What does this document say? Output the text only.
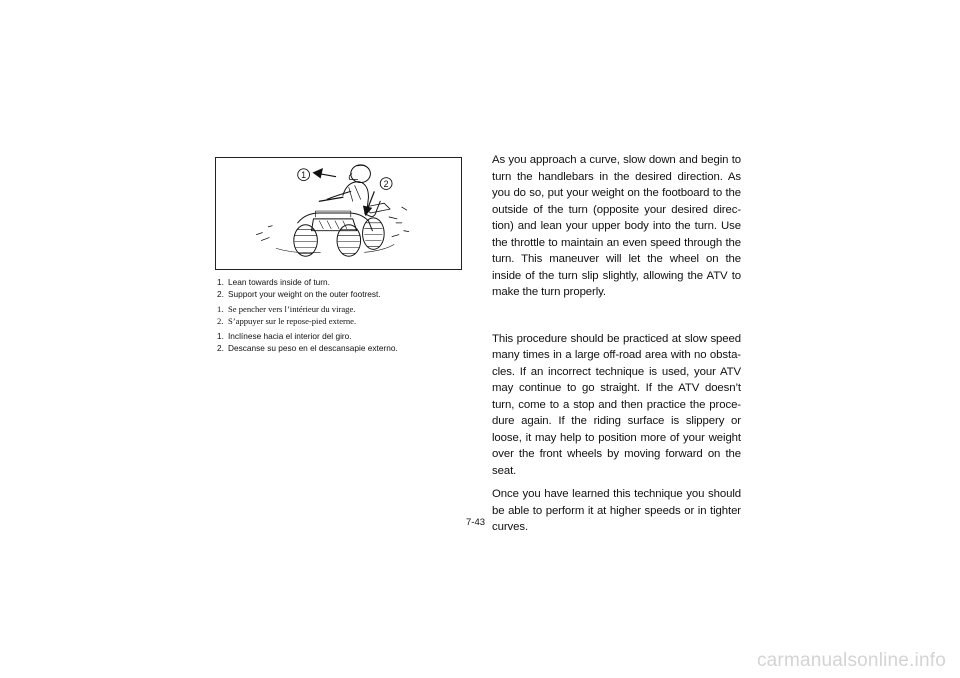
1
2
1. Lean towards inside of turn.
2. Support your weight on the outer footrest.
1. Se pencher vers l’intérieur du virage.
2. S’appuyer sur le repose-pied externe.
1. Inclínese hacia el interior del giro.
2. Descanse su peso en el descansapie externo.

As you approach a curve, slow down and begin to turn the handlebars in the desired direction. As you do so, put your weight on the footboard to the outside of the turn (opposite your desired direc- tion) and lean your upper body into the turn. Use the throttle to maintain an even speed through the turn. This maneuver will let the wheel on the inside of the turn slip slightly, allowing the ATV to make the turn properly.

This procedure should be practiced at slow speed many times in a large off-road area with no obsta- cles. If an incorrect technique is used, your ATV may continue to go straight. If the ATV doesn’t turn, come to a stop and then practice the proce- dure again. If the riding surface is slippery or loose, it may help to position more of your weight over the front wheels by moving forward on the seat.

Once you have learned this technique you should be able to perform it at higher speeds or in tighter curves.

7-43
carmanualsonline.info
